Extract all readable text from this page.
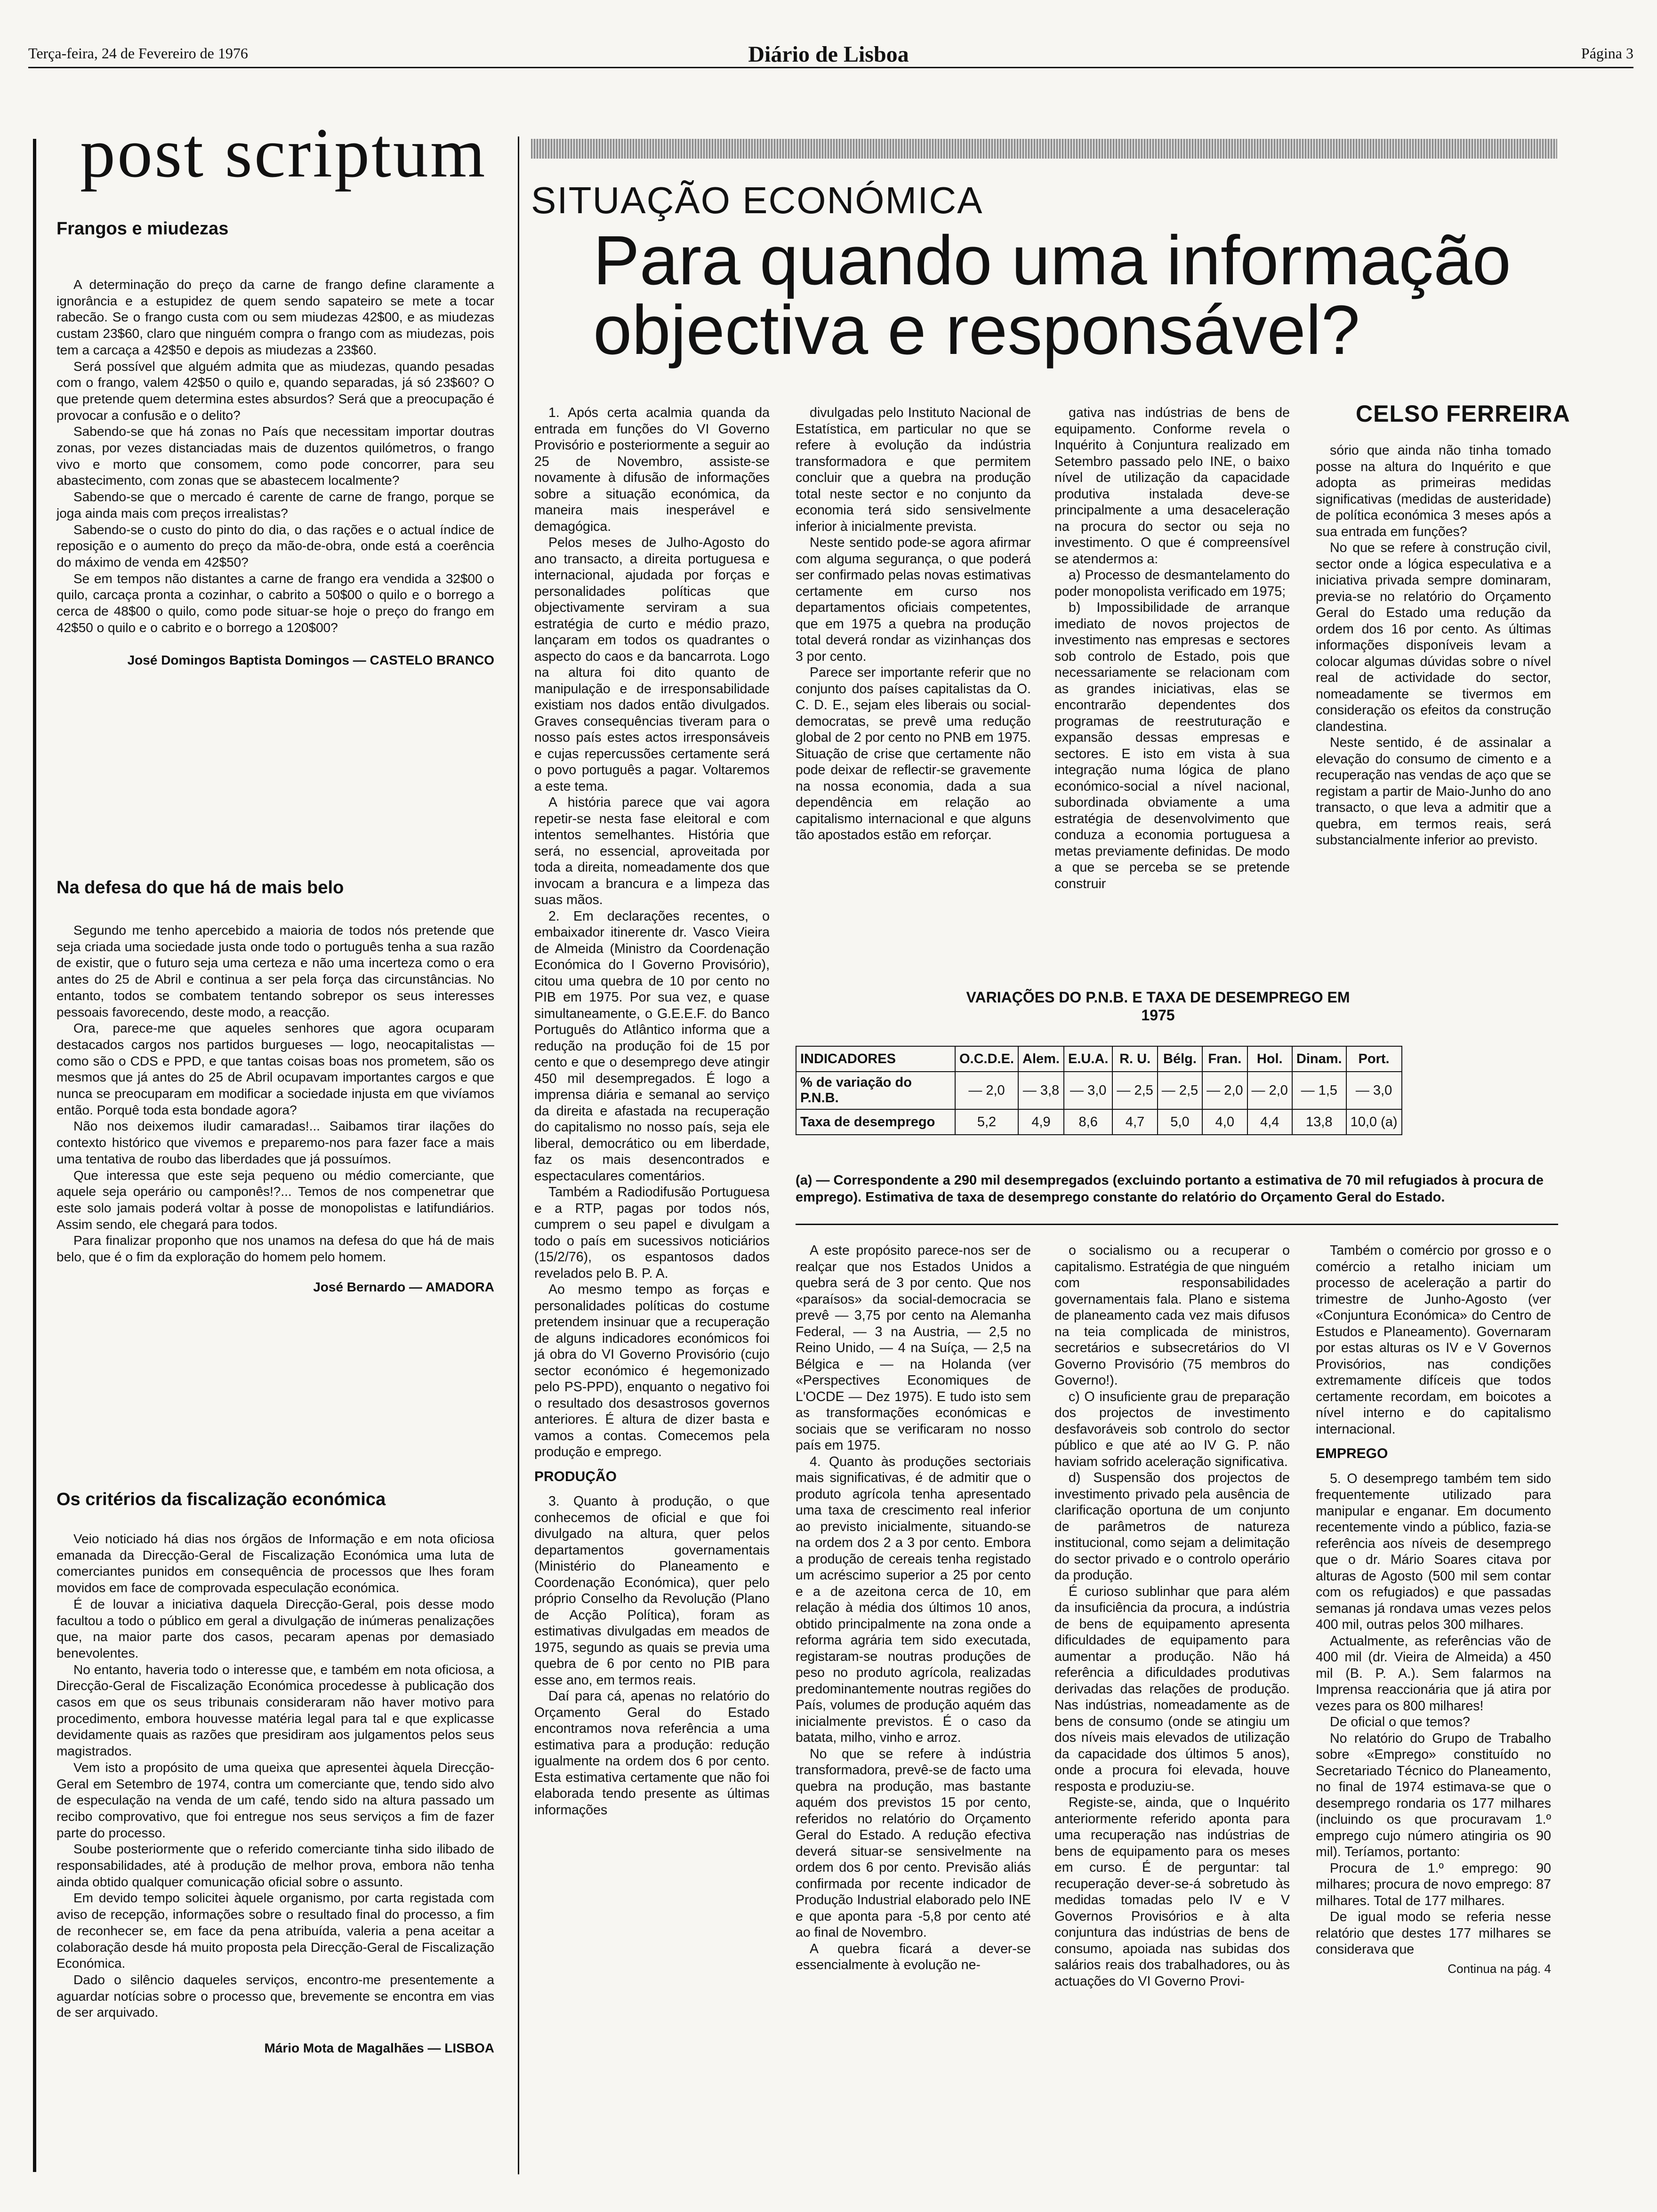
Terça-feira, 24 de Fevereiro de 1976	Diário de Lisboa	Página 3
post scriptum
Frangos e miudezas

A determinação do preço da carne de frango define claramente a ignorância e a estupidez de quem sendo sapateiro se mete a tocar rabecão. Se o frango custa com ou sem miudezas 42$00, e as miudezas custam 23$60, claro que ninguém compra o frango com as miudezas, pois tem a carcaça a 42$50 e depois as miudezas a 23$60.

Será possível que alguém admita que as miudezas, quando pesadas com o frango, valem 42$50 o quilo e, quando separadas, já só 23$60? O que pretende quem determina estes absurdos? Será que a preocupação é provocar a confusão e o delito?

Sabendo-se que há zonas no País que necessitam importar doutras zonas, por vezes distanciadas mais de duzentos quilómetros, o frango vivo e morto que consomem, como pode concorrer, para seu abastecimento, com zonas que se abastecem localmente?

Sabendo-se que o mercado é carente de carne de frango, porque se joga ainda mais com preços irrealistas?

Sabendo-se o custo do pinto do dia, o das rações e o actual índice de reposição e o aumento do preço da mão-de-obra, onde está a coerência do máximo de venda em 42$50?

Se em tempos não distantes a carne de frango era vendida a 32$00 o quilo, carcaça pronta a cozinhar, o cabrito a 50$00 o quilo e o borrego a cerca de 48$00 o quilo, como pode situar-se hoje o preço do frango em 42$50 o quilo e o cabrito e o borrego a 120$00?

José Domingos Baptista Domingos — CASTELO BRANCO
Na defesa do que há de mais belo

Segundo me tenho apercebido a maioria de todos nós pretende que seja criada uma sociedade justa onde todo o português tenha a sua razão de existir, que o futuro seja uma certeza e não uma incerteza como o era antes do 25 de Abril e continua a ser pela força das circunstâncias. No entanto, todos se combatem tentando sobrepor os seus interesses pessoais favorecendo, deste modo, a reacção.

Ora, parece-me que aqueles senhores que agora ocuparam destacados cargos nos partidos burgueses — logo, neocapitalistas — como são o CDS e PPD, e que tantas coisas boas nos prometem, são os mesmos que já antes do 25 de Abril ocupavam importantes cargos e que nunca se preocuparam em modificar a sociedade injusta em que vivíamos então. Porquê toda esta bondade agora?

Não nos deixemos iludir camaradas!... Saibamos tirar ilações do contexto histórico que vivemos e preparemo-nos para fazer face a mais uma tentativa de roubo das liberdades que já possuímos.

Que interessa que este seja pequeno ou médio comerciante, que aquele seja operário ou camponês!?... Temos de nos compenetrar que este solo jamais poderá voltar à posse de monopolistas e latifundiários. Assim sendo, ele chegará para todos.

Para finalizar proponho que nos unamos na defesa do que há de mais belo, que é o fim da exploração do homem pelo homem.

José Bernardo — AMADORA
Os critérios da fiscalização económica

Veio noticiado há dias nos órgãos de Informação e em nota oficiosa emanada da Direcção-Geral de Fiscalização Económica uma luta de comerciantes punidos em consequência de processos que lhes foram movidos em face de comprovada especulação económica.

É de louvar a iniciativa daquela Direcção-Geral, pois desse modo facultou a todo o público em geral a divulgação de inúmeras penalizações que, na maior parte dos casos, pecaram apenas por demasiado benevolentes.

No entanto, haveria todo o interesse que, e também em nota oficiosa, a Direcção-Geral de Fiscalização Económica procedesse à publicação dos casos em que os seus tribunais consideraram não haver motivo para procedimento, embora houvesse matéria legal para tal e que explicasse devidamente quais as razões que presidiram aos julgamentos pelos seus magistrados.

Vem isto a propósito de uma queixa que apresentei àquela Direcção-Geral em Setembro de 1974, contra um comerciante que, tendo sido alvo de especulação na venda de um café, tendo sido na altura passado um recibo comprovativo, que foi entregue nos seus serviços a fim de fazer parte do processo.

Soube posteriormente que o referido comerciante tinha sido ilibado de responsabilidades, até à produção de melhor prova, embora não tenha ainda obtido qualquer comunicação oficial sobre o assunto.

Em devido tempo solicitei àquele organismo, por carta registada com aviso de recepção, informações sobre o resultado final do processo, a fim de reconhecer se, em face da pena atribuída, valeria a pena aceitar a colaboração desde há muito proposta pela Direcção-Geral de Fiscalização Económica.

Dado o silêncio daqueles serviços, encontro-me presentemente a aguardar notícias sobre o processo que, brevemente se encontra em vias de ser arquivado.

Mário Mota de Magalhães — LISBOA
SITUAÇÃO ECONÓMICA
Para quando uma informação objectiva e responsável?
CELSO FERREIRA

1. Após certa acalmia quanda da entrada em funções do VI Governo Provisório e posteriormente a seguir ao 25 de Novembro, assiste-se novamente à difusão de informações sobre a situação económica, da maneira mais inesperável e demagógica.

Pelos meses de Julho-Agosto do ano transacto, a direita portuguesa e internacional, ajudada por forças e personalidades políticas que objectivamente serviram a sua estratégia de curto e médio prazo, lançaram em todos os quadrantes o aspecto do caos e da bancarrota. Logo na altura foi dito quanto de manipulação e de irresponsabilidade existiam nos dados então divulgados. Graves consequências tiveram para o nosso país estes actos irresponsáveis e cujas repercussões certamente será o povo português a pagar. Voltaremos a este tema.

A história parece que vai agora repetir-se nesta fase eleitoral e com intentos semelhantes. História que será, no essencial, aproveitada por toda a direita, nomeadamente dos que invocam a brancura e a limpeza das suas mãos.

2. Em declarações recentes, o embaixador itinerente dr. Vasco Vieira de Almeida (Ministro da Coordenação Económica do I Governo Provisório), citou uma quebra de 10 por cento no PIB em 1975. Por sua vez, e quase simultaneamente, o G.E.E.F. do Banco Português do Atlântico informa que a redução na produção foi de 15 por cento e que o desemprego deve atingir 450 mil desempregados. É logo a imprensa diária e semanal ao serviço da direita e afastada na recuperação do capitalismo no nosso país, seja ele liberal, democrático ou em liberdade, faz os mais desencontrados e espectaculares comentários.

Também a Radiodifusão Portuguesa e a RTP, pagas por todos nós, cumprem o seu papel e divulgam a todo o país em sucessivos noticiários (15/2/76), os espantosos dados revelados pelo B. P. A.

Ao mesmo tempo as forças e personalidades políticas do costume pretendem insinuar que a recuperação de alguns indicadores económicos foi já obra do VI Governo Provisório (cujo sector económico é hegemonizado pelo PS-PPD), enquanto o negativo foi o resultado dos desastrosos governos anteriores. É altura de dizer basta e vamos a contas. Comecemos pela produção e emprego.

PRODUÇÃO

3. Quanto à produção, o que conhecemos de oficial e que foi divulgado na altura, quer pelos departamentos governamentais (Ministério do Planeamento e Coordenação Económica), quer pelo próprio Conselho da Revolução (Plano de Acção Política), foram as estimativas divulgadas em meados de 1975, segundo as quais se previa uma quebra de 6 por cento no PIB para esse ano, em termos reais.

Daí para cá, apenas no relatório do Orçamento Geral do Estado encontramos nova referência a uma estimativa para a produção: redução igualmente na ordem dos 6 por cento. Esta estimativa certamente que não foi elaborada tendo presente as últimas informações

divulgadas pelo Instituto Nacional de Estatística, em particular no que se refere à evolução da indústria transformadora e que permitem concluir que a quebra na produção total neste sector e no conjunto da economia terá sido sensivelmente inferior à inicialmente prevista.

Neste sentido pode-se agora afirmar com alguma segurança, o que poderá ser confirmado pelas novas estimativas certamente em curso nos departamentos oficiais competentes, que em 1975 a quebra na produção total deverá rondar as vizinhanças dos 3 por cento.

Parece ser importante referir que no conjunto dos países capitalistas da O. C. D. E., sejam eles liberais ou social-democratas, se prevê uma redução global de 2 por cento no PNB em 1975. Situação de crise que certamente não pode deixar de reflectir-se gravemente na nossa economia, dada a sua dependência em relação ao capitalismo internacional e que alguns tão apostados estão em reforçar.

gativa nas indústrias de bens de equipamento. Conforme revela o Inquérito à Conjuntura realizado em Setembro passado pelo INE, o baixo nível de utilização da capacidade produtiva instalada deve-se principalmente a uma desaceleração na procura do sector ou seja no investimento. O que é compreensível se atendermos a:

a) Processo de desmantelamento do poder monopolista verificado em 1975;

b) Impossibilidade de arranque imediato de novos projectos de investimento nas empresas e sectores sob controlo de Estado, pois que necessariamente se relacionam com as grandes iniciativas, elas se encontrarão dependentes dos programas de reestruturação e expansão dessas empresas e sectores. E isto em vista à sua integração numa lógica de plano económico-social a nível nacional, subordinada obviamente a uma estratégia de desenvolvimento que conduza a economia portuguesa a metas previamente definidas. De modo a que se perceba se se pretende construir

sório que ainda não tinha tomado posse na altura do Inquérito e que adopta as primeiras medidas significativas (medidas de austeridade) de política económica 3 meses após a sua entrada em funções?

No que se refere à construção civil, sector onde a lógica especulativa e a iniciativa privada sempre dominaram, previa-se no relatório do Orçamento Geral do Estado uma redução da ordem dos 16 por cento. As últimas informações disponíveis levam a colocar algumas dúvidas sobre o nível real de actividade do sector, nomeadamente se tivermos em consideração os efeitos da construção clandestina.

Neste sentido, é de assinalar a elevação do consumo de cimento e a recuperação nas vendas de aço que se registam a partir de Maio-Junho do ano transacto, o que leva a admitir que a quebra, em termos reais, será substancialmente inferior ao previsto.

VARIAÇÕES DO P.N.B. E TAXA DE DESEMPREGO EM 1975
INDICADORES	O.C.D.E.	Alem.	E.U.A.	R. U.	Bélg.	Fran.	Hol.	Dinam.	Port.
% de variação do P.N.B.	— 2,0	— 3,8	— 3,0	— 2,5	— 2,5	— 2,0	— 2,0	— 1,5	— 3,0
Taxa de desemprego	5,2	4,9	8,6	4,7	5,0	4,0	4,4	13,8	10,0 (a)
(a) — Correspondente a 290 mil desempregados (excluindo portanto a estimativa de 70 mil refugiados à procura de emprego). Estimativa de taxa de desemprego constante do relatório do Orçamento Geral do Estado.

A este propósito parece-nos ser de realçar que nos Estados Unidos a quebra será de 3 por cento. Que nos «paraísos» da social-democracia se prevê — 3,75 por cento na Alemanha Federal, — 3 na Austria, — 2,5 no Reino Unido, — 4 na Suíça, — 2,5 na Bélgica e — na Holanda (ver «Perspectives Economiques de L'OCDE — Dez 1975). E tudo isto sem as transformações económicas e sociais que se verificaram no nosso país em 1975.

4. Quanto às produções sectoriais mais significativas, é de admitir que o produto agrícola tenha apresentado uma taxa de crescimento real inferior ao previsto inicialmente, situando-se na ordem dos 2 a 3 por cento. Embora a produção de cereais tenha registado um acréscimo superior a 25 por cento e a de azeitona cerca de 10, em relação à média dos últimos 10 anos, obtido principalmente na zona onde a reforma agrária tem sido executada, registaram-se noutras produções de peso no produto agrícola, realizadas predominantemente noutras regiões do País, volumes de produção aquém das inicialmente previstos. É o caso da batata, milho, vinho e arroz.

No que se refere à indústria transformadora, prevê-se de facto uma quebra na produção, mas bastante aquém dos previstos 15 por cento, referidos no relatório do Orçamento Geral do Estado. A redução efectiva deverá situar-se sensivelmente na ordem dos 6 por cento. Previsão aliás confirmada por recente indicador de Produção Industrial elaborado pelo INE e que aponta para -5,8 por cento até ao final de Novembro.

A quebra ficará a dever-se essencialmente à evolução ne-

o socialismo ou a recuperar o capitalismo. Estratégia de que ninguém com responsabilidades governamentais fala. Plano e sistema de planeamento cada vez mais difusos na teia complicada de ministros, secretários e subsecretários do VI Governo Provisório (75 membros do Governo!).

c) O insuficiente grau de preparação dos projectos de investimento desfavoráveis sob controlo do sector público e que até ao IV G. P. não haviam sofrido aceleração significativa.

d) Suspensão dos projectos de investimento privado pela ausência de clarificação oportuna de um conjunto de parâmetros de natureza institucional, como sejam a delimitação do sector privado e o controlo operário da produção.

É curioso sublinhar que para além da insuficiência da procura, a indústria de bens de equipamento apresenta dificuldades de equipamento para aumentar a produção. Não há referência a dificuldades produtivas derivadas das relações de produção. Nas indústrias, nomeadamente as de bens de consumo (onde se atingiu um dos níveis mais elevados de utilização da capacidade dos últimos 5 anos), onde a procura foi elevada, houve resposta e produziu-se.

Registe-se, ainda, que o Inquérito anteriormente referido aponta para uma recuperação nas indústrias de bens de equipamento para os meses em curso. É de perguntar: tal recuperação dever-se-á sobretudo às medidas tomadas pelo IV e V Governos Provisórios e à alta conjuntura das indústrias de bens de consumo, apoiada nas subidas dos salários reais dos trabalhadores, ou às actuações do VI Governo Provi-

Também o comércio por grosso e o comércio a retalho iniciam um processo de aceleração a partir do trimestre de Junho-Agosto (ver «Conjuntura Económica» do Centro de Estudos e Planeamento). Governaram por estas alturas os IV e V Governos Provisórios, nas condições extremamente difíceis que todos certamente recordam, em boicotes a nível interno e do capitalismo internacional.

EMPREGO

5. O desemprego também tem sido frequentemente utilizado para manipular e enganar. Em documento recentemente vindo a público, fazia-se referência aos níveis de desemprego que o dr. Mário Soares citava por alturas de Agosto (500 mil sem contar com os refugiados) e que passadas semanas já rondava umas vezes pelos 400 mil, outras pelos 300 milhares.

Actualmente, as referências vão de 400 mil (dr. Vieira de Almeida) a 450 mil (B. P. A.). Sem falarmos na Imprensa reaccionária que já atira por vezes para os 800 milhares!

De oficial o que temos?

No relatório do Grupo de Trabalho sobre «Emprego» constituído no Secretariado Técnico do Planeamento, no final de 1974 estimava-se que o desemprego rondaria os 177 milhares (incluindo os que procuravam 1.º emprego cujo número atingiria os 90 mil). Teríamos, portanto:

Procura de 1.º emprego: 90 milhares; procura de novo emprego: 87 milhares. Total de 177 milhares.

De igual modo se referia nesse relatório que destes 177 milhares se considerava que

Continua na pág. 4
